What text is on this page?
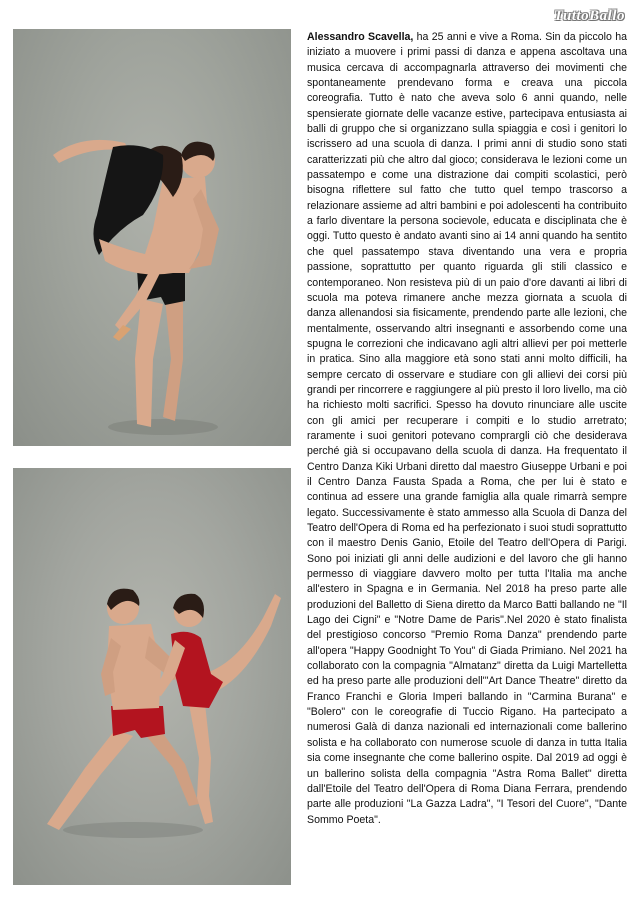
TuttoBallo

Alessandro Scavella, ha 25 anni e vive a Roma. Sin da piccolo ha iniziato a muovere i primi passi di danza e appena ascoltava una musica cercava di accompagnarla attraverso dei movimenti che spontaneamente prendevano forma e creava una piccola coreografia. Tutto è nato che aveva solo 6 anni quando, nelle spensierate giornate delle vacanze estive, partecipava entusiasta ai balli di gruppo che si organizzano sulla spiaggia e così i genitori lo iscrissero ad una scuola di danza. I primi anni di studio sono stati caratterizzati più che altro dal gioco; considerava le lezioni come un passatempo e come una distrazione dai compiti scolastici, però bisogna riflettere sul fatto che tutto quel tempo trascorso a relazionare assieme ad altri bambini e poi adolescenti ha contribuito a farlo diventare la persona socievole, educata e disciplinata che è oggi. Tutto questo è andato avanti sino ai 14 anni quando ha sentito che quel passatempo stava diventando una vera e propria passione, soprattutto per quanto riguarda gli stili classico e contemporaneo. Non resisteva più di un paio d'ore davanti ai libri di scuola ma poteva rimanere anche mezza giornata a scuola di danza allenandosi sia fisicamente, prendendo parte alle lezioni, che mentalmente, osservando altri insegnanti e assorbendo come una spugna le correzioni che indicavano agli altri allievi per poi metterle in pratica. Sino alla maggiore età sono stati anni molto difficili, ha sempre cercato di osservare e studiare con gli allievi dei corsi più grandi per rincorrere e raggiungere al più presto il loro livello, ma ciò ha richiesto molti sacrifici. Spesso ha dovuto rinunciare alle uscite con gli amici per recuperare i compiti e lo studio arretrato; raramente i suoi genitori potevano comprargli ciò che desiderava perché già si occupavano della scuola di danza. Ha frequentato il Centro Danza Kiki Urbani diretto dal maestro Giuseppe Urbani e poi il Centro Danza Fausta Spada a Roma, che per lui è stato e continua ad essere una grande famiglia alla quale rimarrà sempre legato. Successivamente è stato ammesso alla Scuola di Danza del Teatro dell'Opera di Roma ed ha perfezionato i suoi studi soprattutto con il maestro Denis Ganio, Etoile del Teatro dell'Opera di Parigi. Sono poi iniziati gli anni delle audizioni e del lavoro che gli hanno permesso di viaggiare davvero molto per tutta l'Italia ma anche all'estero in Spagna e in Germania. Nel 2018 ha preso parte alle produzioni del Balletto di Siena diretto da Marco Batti ballando ne "Il Lago dei Cigni" e "Notre Dame de Paris".Nel 2020 è stato finalista del prestigioso concorso "Premio Roma Danza" prendendo parte all'opera "Happy Goodnight To You" di Giada Primiano. Nel 2021 ha collaborato con la compagnia "Almatanz" diretta da Luigi Martelletta ed ha preso parte alle produzioni dell'"Art Dance Theatre" diretto da Franco Franchi e Gloria Imperi ballando in "Carmina Burana" e "Bolero" con le coreografie di Tuccio Rigano. Ha partecipato a numerosi Galà di danza nazionali ed internazionali come ballerino solista e ha collaborato con numerose scuole di danza in tutta Italia sia come insegnante che come ballerino ospite. Dal 2019 ad oggi è un ballerino solista della compagnia "Astra Roma Ballet" diretta dall'Etoile del Teatro dell'Opera di Roma Diana Ferrara, prendendo parte alle produzioni "La Gazza Ladra", "I Tesori del Cuore", "Dante Sommo Poeta".
